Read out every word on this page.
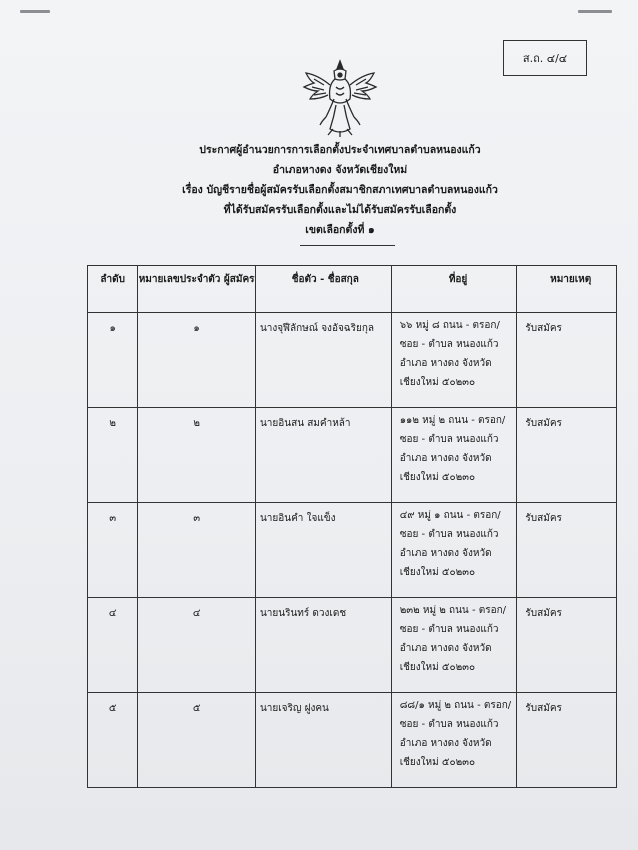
ส.ถ. ๔/๔
ประกาศผู้อำนวยการการเลือกตั้งประจำเทศบาลตำบลหนองแก้ว
อำเภอหางดง จังหวัดเชียงใหม่
เรื่อง บัญชีรายชื่อผู้สมัครรับเลือกตั้งสมาชิกสภาเทศบาลตำบลหนองแก้ว
ที่ได้รับสมัครรับเลือกตั้งและไม่ได้รับสมัครรับเลือกตั้ง
เขตเลือกตั้งที่ ๑
ลำดับ	หมายเลขประจำตัว ผู้สมัคร	ชื่อตัว - ชื่อสกุล	ที่อยู่	หมายเหตุ

๑	๑	นางจุฬีลักษณ์ จงอัจฉริยกุล	๖๖ หมู่ ๘ ถนน - ตรอก/ซอย - ตำบล หนองแก้ว อำเภอ หางดง จังหวัด เชียงใหม่ ๕๐๒๓๐	รับสมัคร

๒	๒	นายอินสน สมคำหล้า	๑๑๒ หมู่ ๒ ถนน - ตรอก/ซอย - ตำบล หนองแก้ว อำเภอ หางดง จังหวัด เชียงใหม่ ๕๐๒๓๐	รับสมัคร

๓	๓	นายอินคำ ใจแข็ง	๔๙ หมู่ ๑ ถนน - ตรอก/ซอย - ตำบล หนองแก้ว อำเภอ หางดง จังหวัด เชียงใหม่ ๕๐๒๓๐	รับสมัคร

๔	๔	นายนรินทร์ ดวงเดช	๒๓๒ หมู่ ๒ ถนน - ตรอก/ซอย - ตำบล หนองแก้ว อำเภอ หางดง จังหวัด เชียงใหม่ ๕๐๒๓๐	รับสมัคร

๕	๕	นายเจริญ ฝูงคน	๘๘/๑ หมู่ ๒ ถนน - ตรอก/ซอย - ตำบล หนองแก้ว อำเภอ หางดง จังหวัด เชียงใหม่ ๕๐๒๓๐	รับสมัคร
